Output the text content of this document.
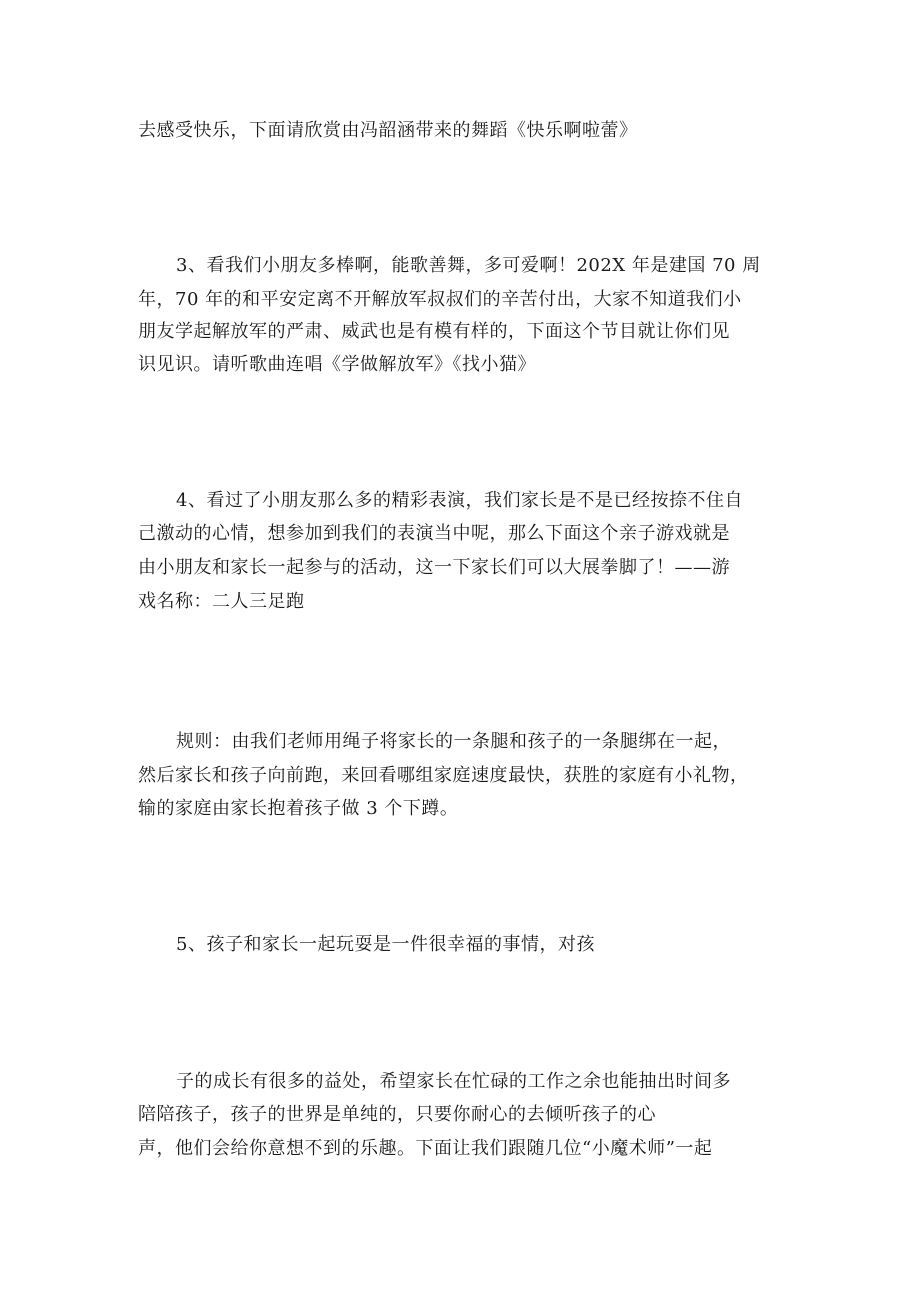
去感受快乐，下面请欣赏由冯韶涵带来的舞蹈《快乐啊啦蕾》

3、看我们小朋友多棒啊，能歌善舞，多可爱啊！202X 年是建国 70 周

年，70 年的和平安定离不开解放军叔叔们的辛苦付出，大家不知道我们小

朋友学起解放军的严肃、威武也是有模有样的，下面这个节目就让你们见

识见识。请听歌曲连唱《学做解放军》《找小猫》

4、看过了小朋友那么多的精彩表演，我们家长是不是已经按捺不住自

己激动的心情，想参加到我们的表演当中呢，那么下面这个亲子游戏就是

由小朋友和家长一起参与的活动，这一下家长们可以大展拳脚了！——游

戏名称：二人三足跑

规则：由我们老师用绳子将家长的一条腿和孩子的一条腿绑在一起，

然后家长和孩子向前跑，来回看哪组家庭速度最快，获胜的家庭有小礼物，

输的家庭由家长抱着孩子做 3 个下蹲。

5、孩子和家长一起玩耍是一件很幸福的事情，对孩

子的成长有很多的益处，希望家长在忙碌的工作之余也能抽出时间多

陪陪孩子，孩子的世界是单纯的，只要你耐心的去倾听孩子的心

声，他们会给你意想不到的乐趣。下面让我们跟随几位“小魔术师”一起
